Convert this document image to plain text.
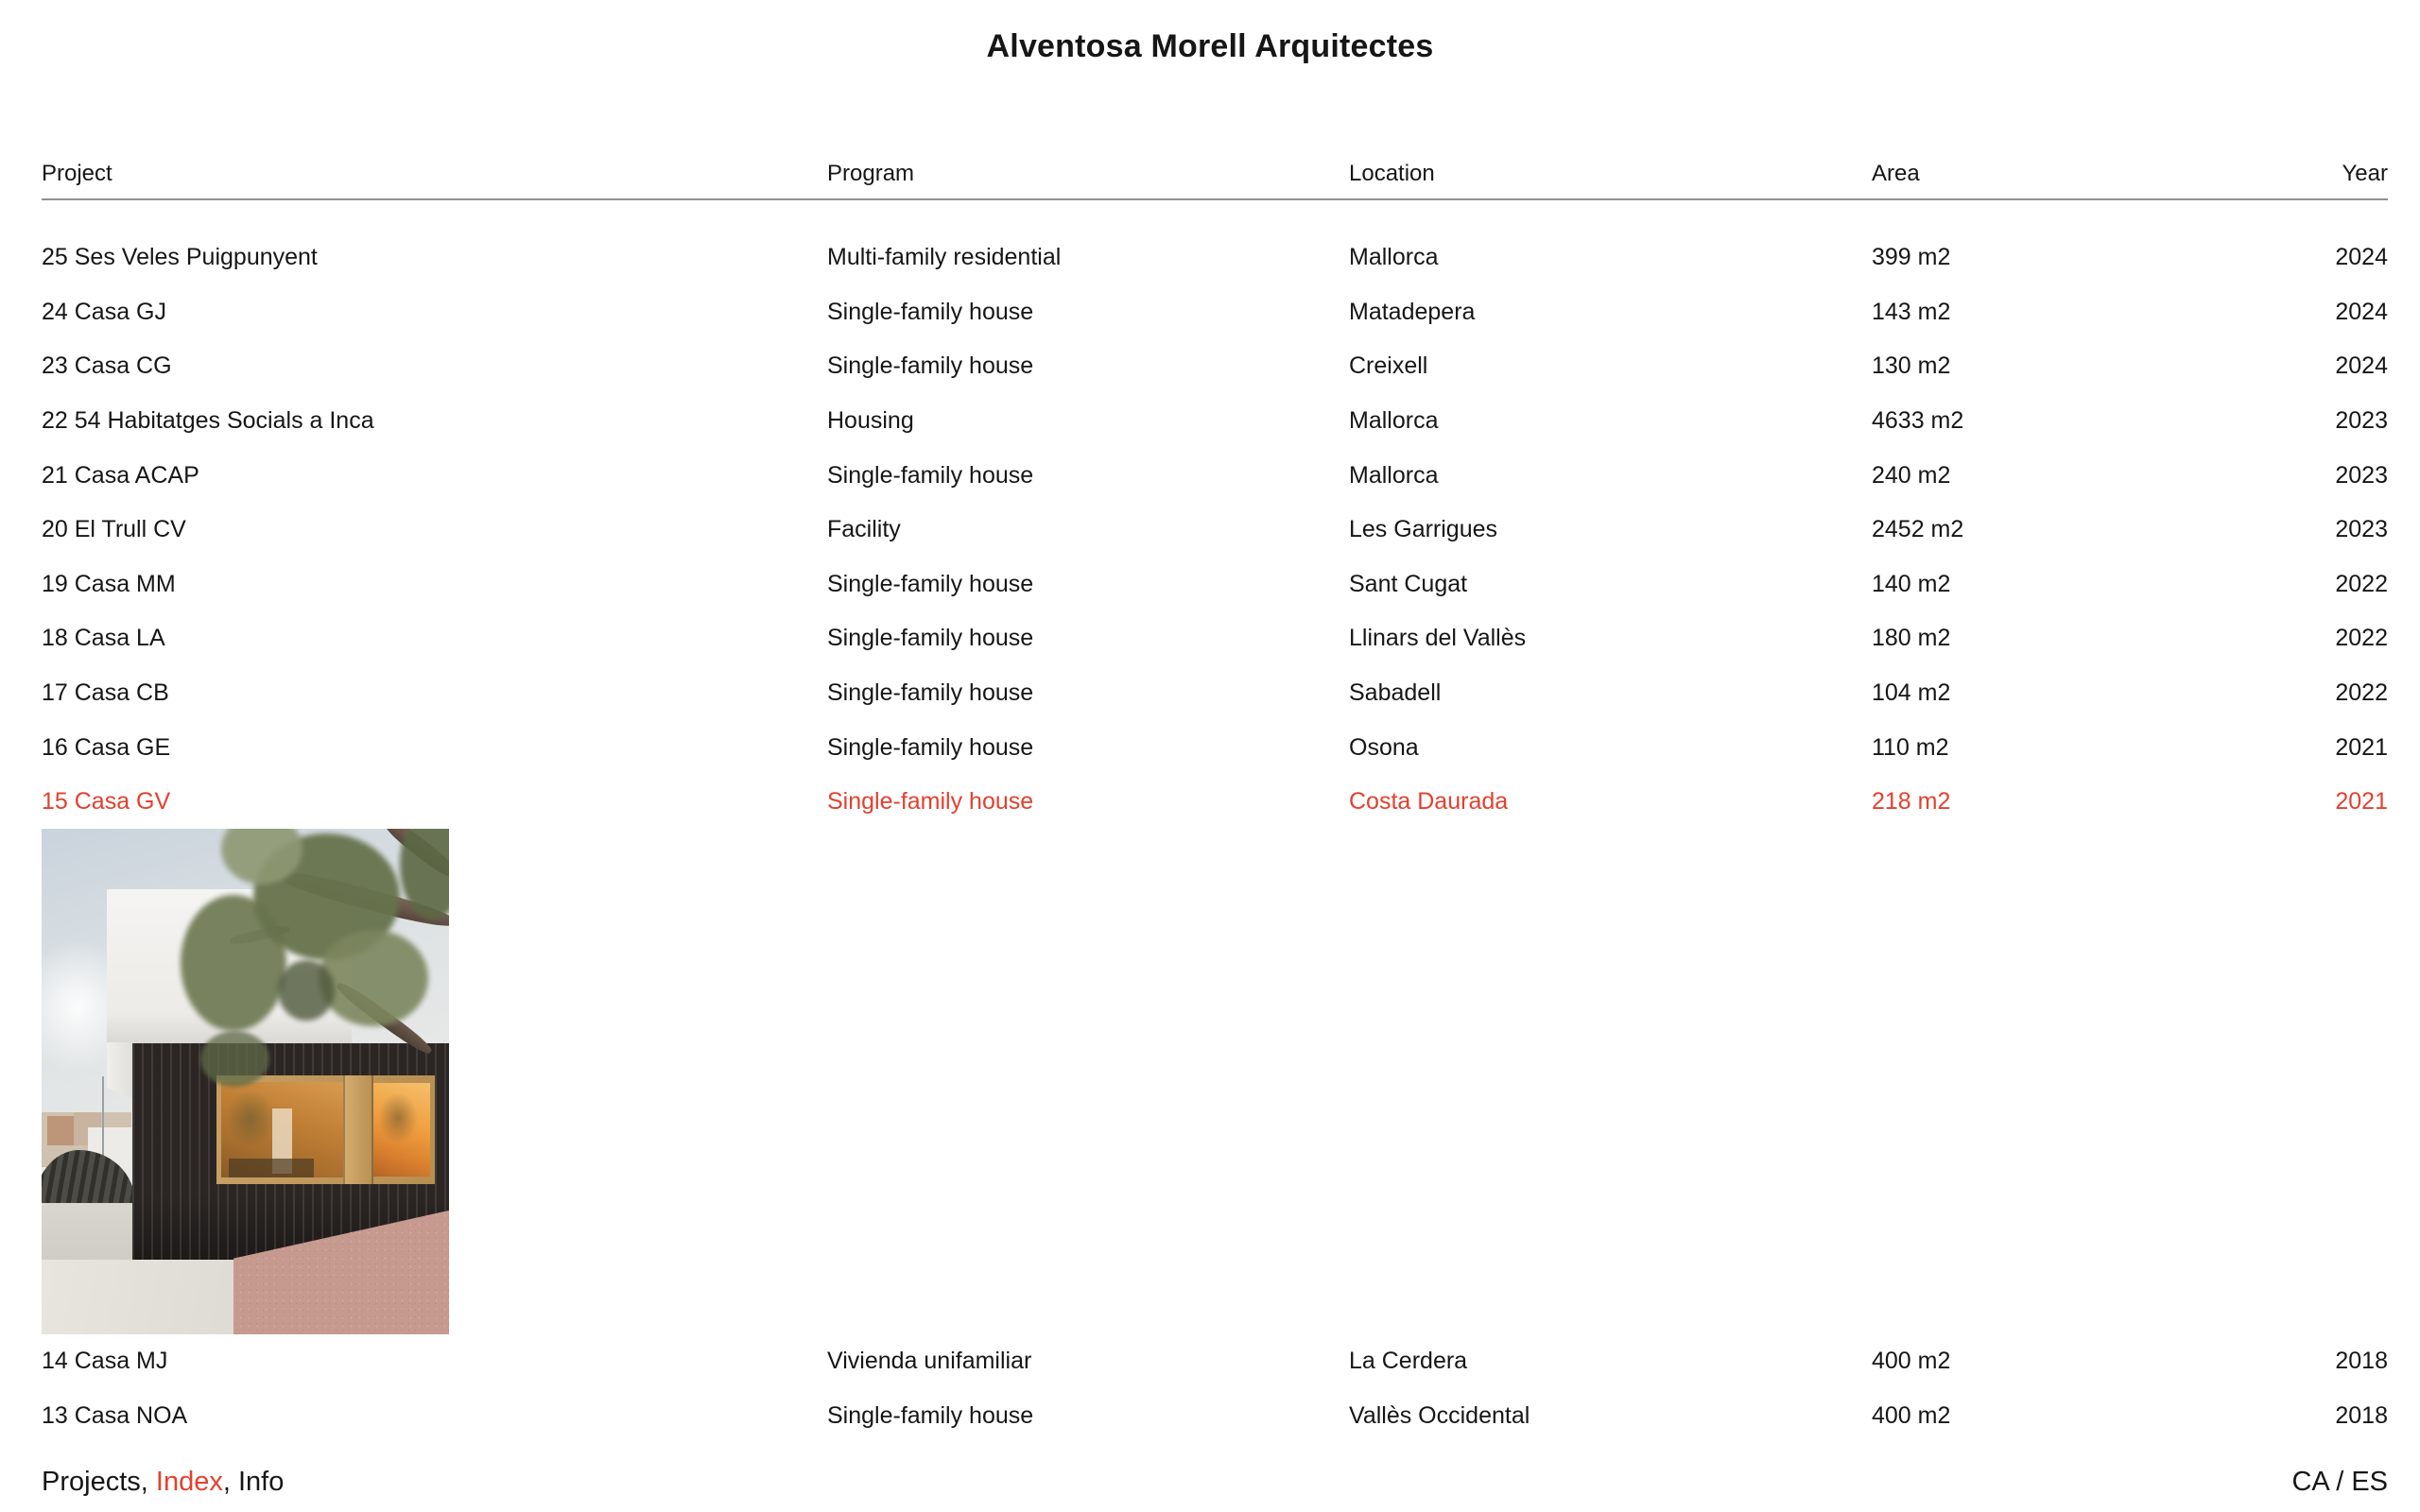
Alventosa Morell Arquitectes
Project	Program	Location	Area	Year
25 Ses Veles Puigpunyent	Multi-family residential	Mallorca	399 m2	2024
24 Casa GJ	Single-family house	Matadepera	143 m2	2024
23 Casa CG	Single-family house	Creixell	130 m2	2024
22 54 Habitatges Socials a Inca	Housing	Mallorca	4633 m2	2023
21 Casa ACAP	Single-family house	Mallorca	240 m2	2023
20 El Trull CV	Facility	Les Garrigues	2452 m2	2023
19 Casa MM	Single-family house	Sant Cugat	140 m2	2022
18 Casa LA	Single-family house	Llinars del Vallès	180 m2	2022
17 Casa CB	Single-family house	Sabadell	104 m2	2022
16 Casa GE	Single-family house	Osona	110 m2	2021
15 Casa GV	Single-family house	Costa Daurada	218 m2	2021
14 Casa MJ	Vivienda unifamiliar	La Cerdera	400 m2	2018
13 Casa NOA	Single-family house	Vallès Occidental	400 m2	2018
Projects, Index, Info	CA / ES
